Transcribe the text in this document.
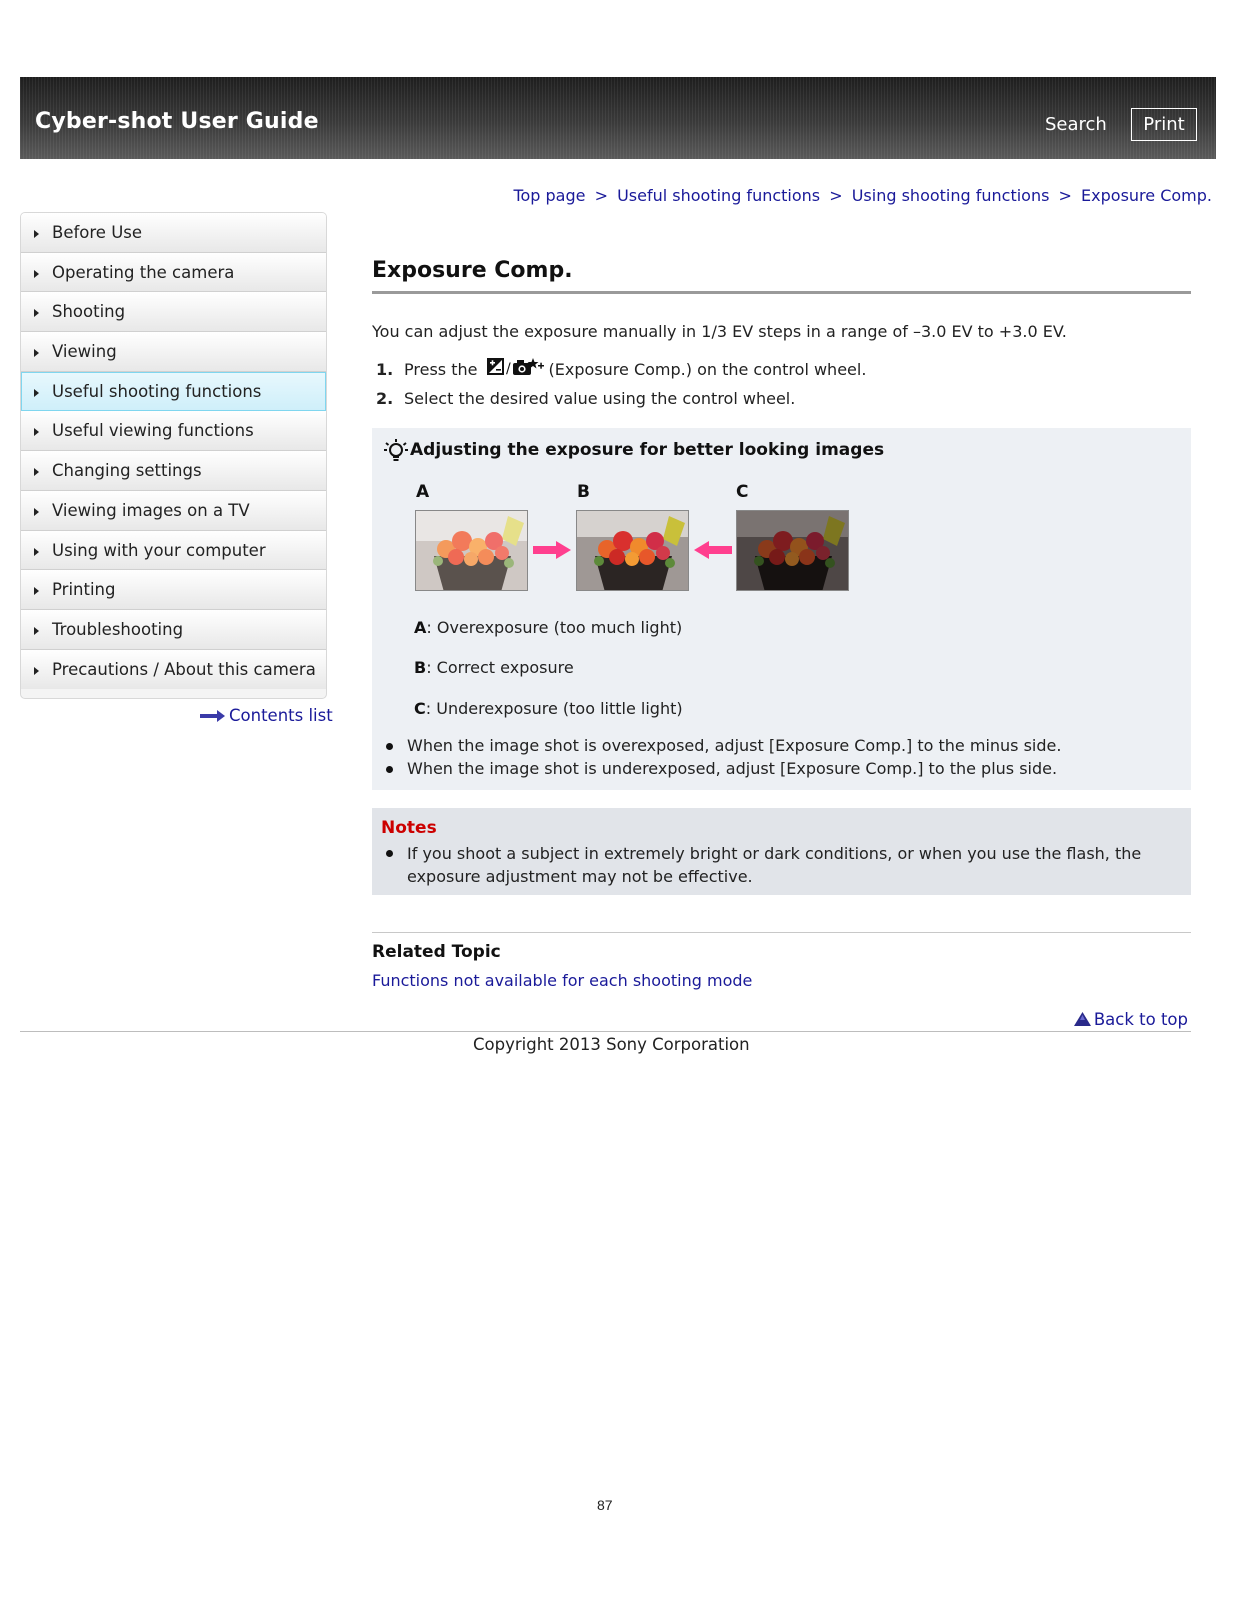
Cyber-shot User Guide	Search	Print
Top page > Useful shooting functions > Using shooting functions > Exposure Comp.
Before Use
Operating the camera
Shooting
Viewing
Useful shooting functions
Useful viewing functions
Changing settings
Viewing images on a TV
Using with your computer
Printing
Troubleshooting
Precautions / About this camera
Contents list
Exposure Comp.

You can adjust the exposure manually in 1/3 EV steps in a range of –3.0 EV to +3.0 EV.

1. Press the / (Exposure Comp.) on the control wheel.
2. Select the desired value using the control wheel.
Adjusting the exposure for better looking images
A	B	C
A: Overexposure (too much light)
B: Correct exposure
C: Underexposure (too little light)
When the image shot is overexposed, adjust [Exposure Comp.] to the minus side.
When the image shot is underexposed, adjust [Exposure Comp.] to the plus side.
Notes
If you shoot a subject in extremely bright or dark conditions, or when you use the flash, the exposure adjustment may not be effective.
Related Topic
Functions not available for each shooting mode
Back to top
Copyright 2013 Sony Corporation
87
